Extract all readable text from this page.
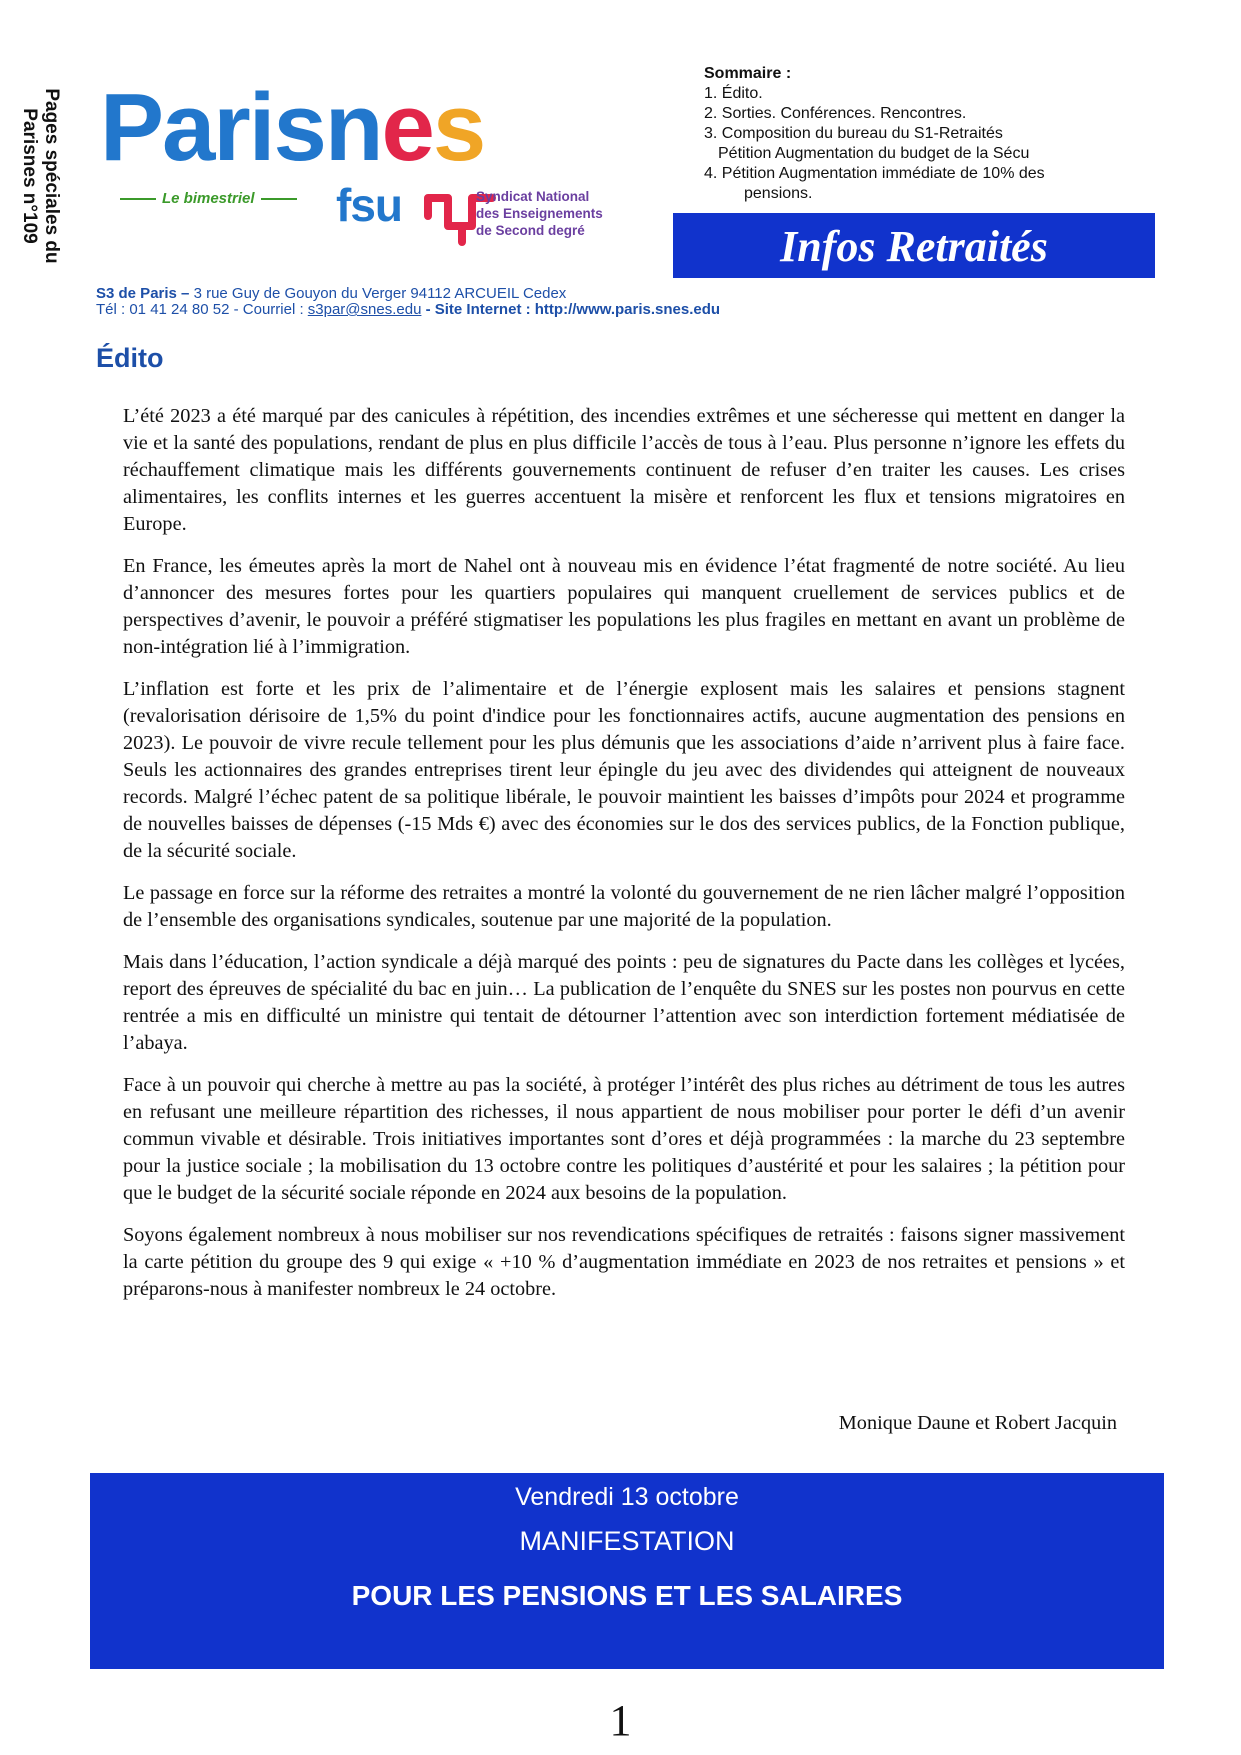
Pages spéciales du
Parisnes n°109 Parisnes
Le bimestriel	fsu	Syndicat National
des Enseignements
de Second degré
Sommaire :
1. Édito.
2. Sorties. Conférences. Rencontres.
3. Composition du bureau du S1-Retraités
Pétition Augmentation du budget de la Sécu
4. Pétition Augmentation immédiate de 10% des
pensions.
Infos Retraités
S3 de Paris – 3 rue Guy de Gouyon du Verger 94112 ARCUEIL Cedex
Tél : 01 41 24 80 52 - Courriel : s3par@snes.edu - Site Internet : http://www.paris.snes.edu
Édito

L’été 2023 a été marqué par des canicules à répétition, des incendies extrêmes et une sécheresse qui mettent en danger la vie et la santé des populations, rendant de plus en plus difficile l’accès de tous à l’eau. Plus personne n’ignore les effets du réchauffement climatique mais les différents gouvernements continuent de refuser d’en traiter les causes. Les crises alimentaires, les conflits internes et les guerres accentuent la misère et renforcent les flux et tensions migratoires en Europe.

En France, les émeutes après la mort de Nahel ont à nouveau mis en évidence l’état fragmenté de notre société. Au lieu d’annoncer des mesures fortes pour les quartiers populaires qui manquent cruellement de services publics et de perspectives d’avenir, le pouvoir a préféré stigmatiser les populations les plus fragiles en mettant en avant un problème de non-intégration lié à l’immigration.

L’inflation est forte et les prix de l’alimentaire et de l’énergie explosent mais les salaires et pensions stagnent (revalorisation dérisoire de 1,5% du point d'indice pour les fonctionnaires actifs, aucune augmentation des pensions en 2023). Le pouvoir de vivre recule tellement pour les plus démunis que les associations d’aide n’arrivent plus à faire face. Seuls les actionnaires des grandes entreprises tirent leur épingle du jeu avec des dividendes qui atteignent de nouveaux records. Malgré l’échec patent de sa politique libérale, le pouvoir maintient les baisses d’impôts pour 2024 et programme de nouvelles baisses de dépenses (-15 Mds €) avec des économies sur le dos des services publics, de la Fonction publique, de la sécurité sociale.

Le passage en force sur la réforme des retraites a montré la volonté du gouvernement de ne rien lâcher malgré l’opposition de l’ensemble des organisations syndicales, soutenue par une majorité de la population.

Mais dans l’éducation, l’action syndicale a déjà marqué des points : peu de signatures du Pacte dans les collèges et lycées, report des épreuves de spécialité du bac en juin… La publication de l’enquête du SNES sur les postes non pourvus en cette rentrée a mis en difficulté un ministre qui tentait de détourner l’attention avec son interdiction fortement médiatisée de l’abaya.

Face à un pouvoir qui cherche à mettre au pas la société, à protéger l’intérêt des plus riches au détriment de tous les autres en refusant une meilleure répartition des richesses, il nous appartient de nous mobiliser pour porter le défi d’un avenir commun vivable et désirable. Trois initiatives importantes sont d’ores et déjà programmées : la marche du 23 septembre pour la justice sociale ; la mobilisation du 13 octobre contre les politiques d’austérité et pour les salaires ; la pétition pour que le budget de la sécurité sociale réponde en 2024 aux besoins de la population.

Soyons également nombreux à nous mobiliser sur nos revendications spécifiques de retraités : faisons signer massivement la carte pétition du groupe des 9 qui exige « +10 % d’augmentation immédiate en 2023 de nos retraites et pensions » et préparons-nous à manifester nombreux le 24 octobre.

Monique Daune et Robert Jacquin
Vendredi 13 octobre
MANIFESTATION
POUR LES PENSIONS ET LES SALAIRES
1
